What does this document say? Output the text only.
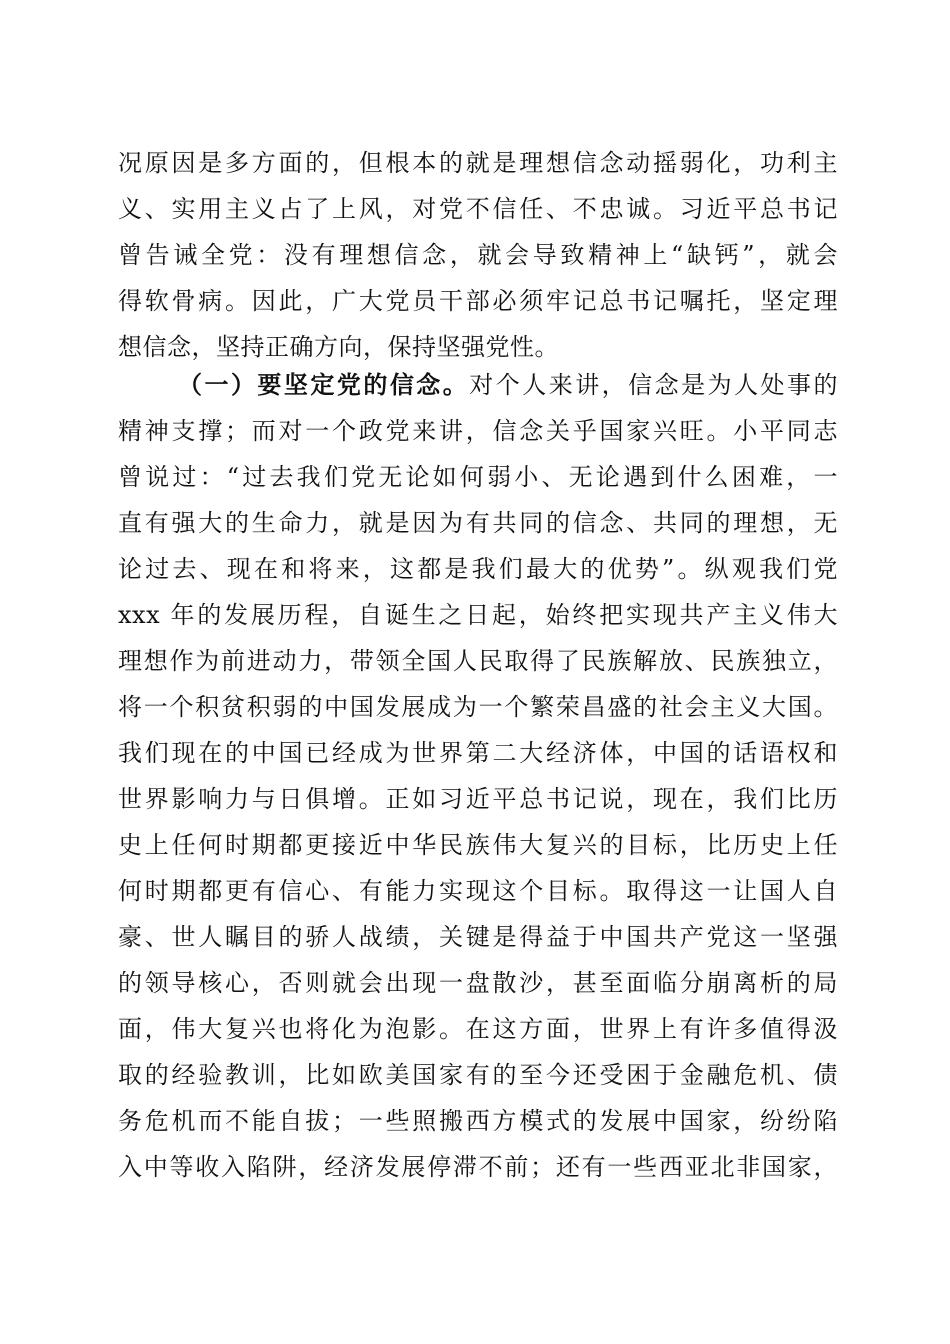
况原因是多方面的，但根本的就是理想信念动摇弱化，功利主
义、实用主义占了上风，对党不信任、不忠诚。习近平总书记
曾告诫全党：没有理想信念，就会导致精神上“缺钙”，就会
得软骨病。因此，广大党员干部必须牢记总书记嘱托，坚定理
想信念，坚持正确方向，保持坚强党性。
（一）要坚定党的信念。对个人来讲，信念是为人处事的
精神支撑；而对一个政党来讲，信念关乎国家兴旺。小平同志
曾说过：“过去我们党无论如何弱小、无论遇到什么困难，一
直有强大的生命力，就是因为有共同的信念、共同的理想，无
论过去、现在和将来，这都是我们最大的优势”。纵观我们党
xxx 年的发展历程，自诞生之日起，始终把实现共产主义伟大
理想作为前进动力，带领全国人民取得了民族解放、民族独立，
将一个积贫积弱的中国发展成为一个繁荣昌盛的社会主义大国。
我们现在的中国已经成为世界第二大经济体，中国的话语权和
世界影响力与日俱增。正如习近平总书记说，现在，我们比历
史上任何时期都更接近中华民族伟大复兴的目标，比历史上任
何时期都更有信心、有能力实现这个目标。取得这一让国人自
豪、世人瞩目的骄人战绩，关键是得益于中国共产党这一坚强
的领导核心，否则就会出现一盘散沙，甚至面临分崩离析的局
面，伟大复兴也将化为泡影。在这方面，世界上有许多值得汲
取的经验教训，比如欧美国家有的至今还受困于金融危机、债
务危机而不能自拔；一些照搬西方模式的发展中国家，纷纷陷
入中等收入陷阱，经济发展停滞不前；还有一些西亚北非国家，
